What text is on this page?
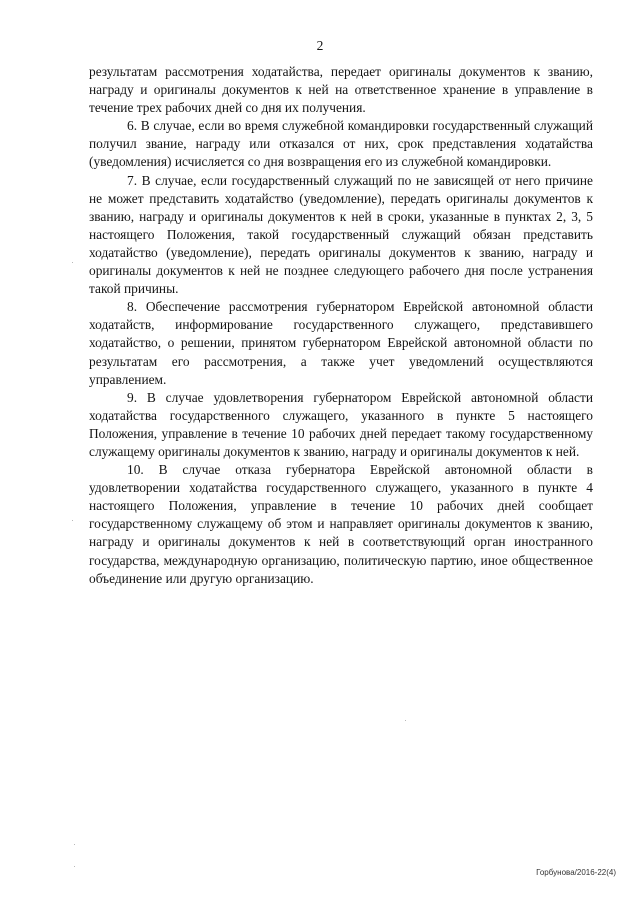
2

результатам рассмотрения ходатайства, передает оригиналы документов к званию, награду и оригиналы документов к ней на ответственное хранение в управление в течение трех рабочих дней со дня их получения.

6. В случае, если во время служебной командировки государственный служащий получил звание, награду или отказался от них, срок представления ходатайства (уведомления) исчисляется со дня возвращения его из служебной командировки.

7. В случае, если государственный служащий по не зависящей от него причине не может представить ходатайство (уведомление), передать оригиналы документов к званию, награду и оригиналы документов к ней в сроки, указанные в пунктах 2, 3, 5 настоящего Положения, такой государственный служащий обязан представить ходатайство (уведомление), передать оригиналы документов к званию, награду и оригиналы документов к ней не позднее следующего рабочего дня после устранения такой причины.

8. Обеспечение рассмотрения губернатором Еврейской автономной области ходатайств, информирование государственного служащего, представившего ходатайство, о решении, принятом губернатором Еврейской автономной области по результатам его рассмотрения, а также учет уведомлений осуществляются управлением.

9. В случае удовлетворения губернатором Еврейской автономной области ходатайства государственного служащего, указанного в пункте 5 настоящего Положения, управление в течение 10 рабочих дней передает такому государственному служащему оригиналы документов к званию, награду и оригиналы документов к ней.

10. В случае отказа губернатора Еврейской автономной области в удовлетворении ходатайства государственного служащего, указанного в пункте 4 настоящего Положения, управление в течение 10 рабочих дней сообщает государственному служащему об этом и направляет оригиналы документов к званию, награду и оригиналы документов к ней в соответствующий орган иностранного государства, международную организацию, политическую партию, иное общественное объединение или другую организацию.

Горбунова/2016-22(4)
